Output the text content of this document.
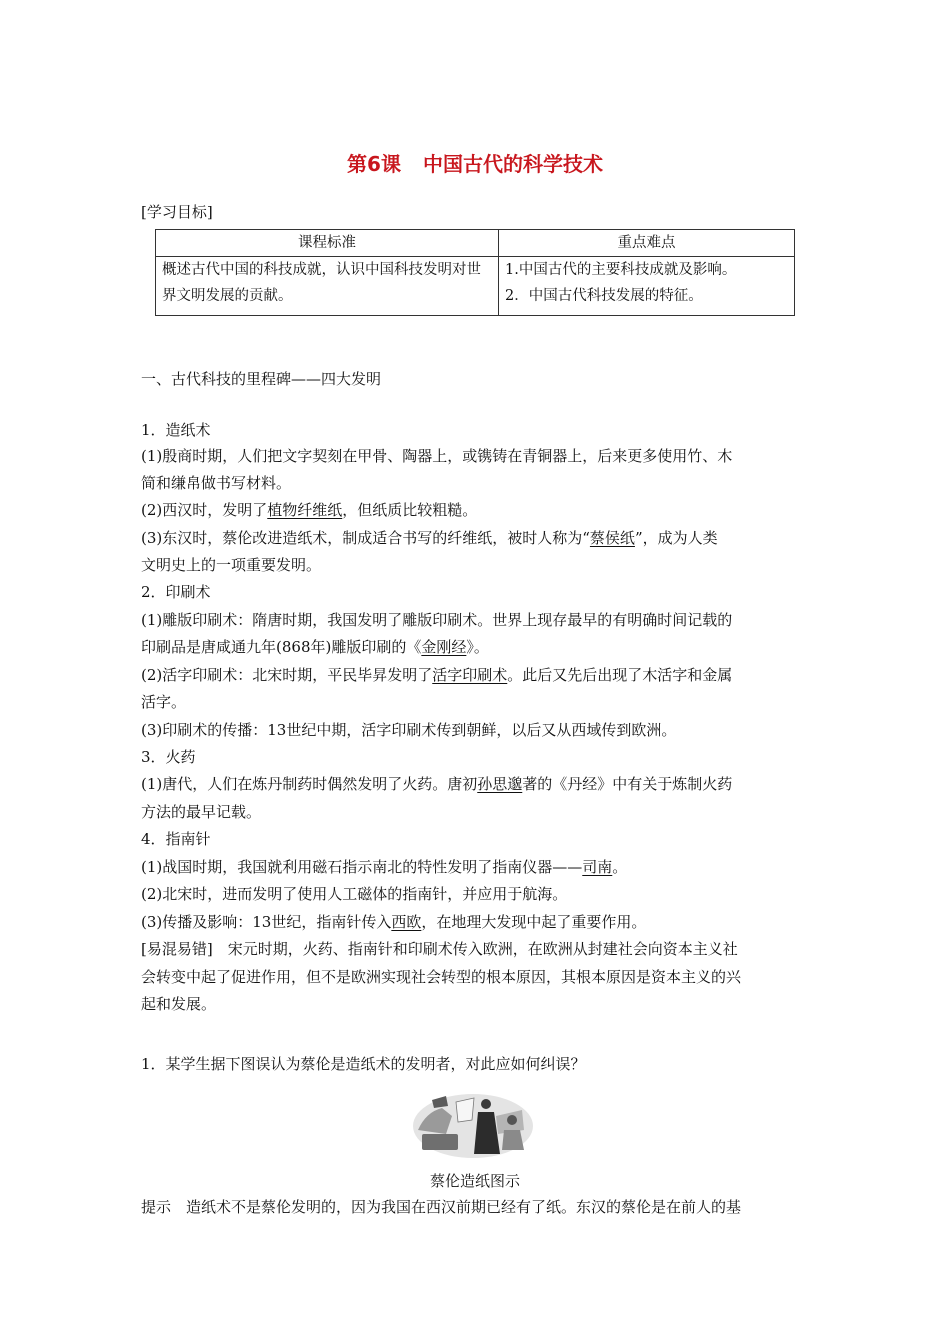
第6课 中国古代的科学技术
[学习目标]
课程标准	重点难点
概述古代中国的科技成就，认识中国科技发明对世界文明发展的贡献。	1.中国古代的主要科技成就及影响。
2．中国古代科技发展的特征。
一、古代科技的里程碑——四大发明
1．造纸术
(1)殷商时期，人们把文字契刻在甲骨、陶器上，或镌铸在青铜器上，后来更多使用竹、木
简和缣帛做书写材料。
(2)西汉时，发明了植物纤维纸，但纸质比较粗糙。
(3)东汉时，蔡伦改进造纸术，制成适合书写的纤维纸，被时人称为“蔡侯纸”，成为人类
文明史上的一项重要发明。
2．印刷术
(1)雕版印刷术：隋唐时期，我国发明了雕版印刷术。世界上现存最早的有明确时间记载的
印刷品是唐咸通九年(868年)雕版印刷的《金刚经》。
(2)活字印刷术：北宋时期，平民毕昇发明了活字印刷术。此后又先后出现了木活字和金属
活字。
(3)印刷术的传播：13世纪中期，活字印刷术传到朝鲜，以后又从西域传到欧洲。
3．火药
(1)唐代，人们在炼丹制药时偶然发明了火药。唐初孙思邈著的《丹经》中有关于炼制火药
方法的最早记载。
4．指南针
(1)战国时期，我国就利用磁石指示南北的特性发明了指南仪器——司南。
(2)北宋时，进而发明了使用人工磁体的指南针，并应用于航海。
(3)传播及影响：13世纪，指南针传入西欧，在地理大发现中起了重要作用。
[易混易错]　宋元时期，火药、指南针和印刷术传入欧洲，在欧洲从封建社会向资本主义社
会转变中起了促进作用，但不是欧洲实现社会转型的根本原因，其根本原因是资本主义的兴
起和发展。
1．某学生据下图误认为蔡伦是造纸术的发明者，对此应如何纠误？
蔡伦造纸图示
提示　造纸术不是蔡伦发明的，因为我国在西汉前期已经有了纸。东汉的蔡伦是在前人的基
